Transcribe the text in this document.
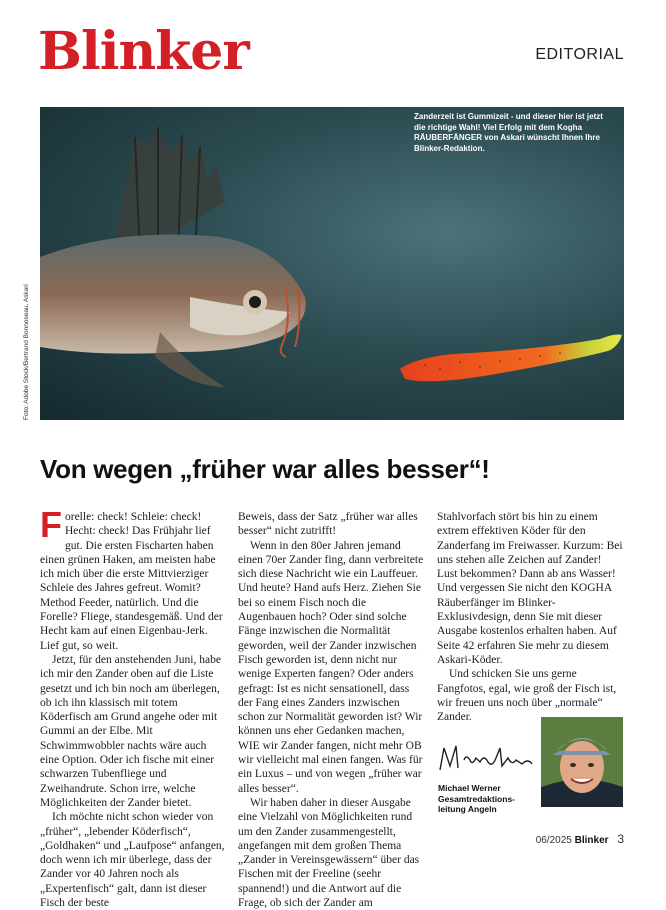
Blinker	EDITORIAL
Zanderzeit ist Gummizeit - und dieser hier ist jetzt die richtige Wahl! Viel Erfolg mit dem Kogha RÄUBERFÄNGER von Askari wünscht Ihnen Ihre Blinker-Redaktion.
Foto: Adobe Stock/Bertrand Bonnoseau, Askari
Von wegen „früher war alles besser“!

Forelle: check! Schleie: check! Hecht: check! Das Frühjahr lief gut. Die ersten Fischarten haben einen grünen Haken, am meisten habe ich mich über die erste Mittvierziger Schleie des Jahres gefreut. Womit? Method Feeder, natürlich. Und die Forelle? Fliege, standesgemäß. Und der Hecht kam auf einen Eigenbau-Jerk. Lief gut, so weit.

Jetzt, für den anstehenden Juni, habe ich mir den Zander oben auf die Liste gesetzt und ich bin noch am überlegen, ob ich ihn klassisch mit totem Köderfisch am Grund angehe oder mit Gummi an der Elbe. Mit Schwimmwobbler nachts wäre auch eine Option. Oder ich fische mit einer schwarzen Tubenfliege und Zweihandrute. Schon irre, welche Möglichkeiten der Zander bietet.

Ich möchte nicht schon wieder von „früher“, „lebender Köderfisch“, „Goldhaken“ und „Laufpose“ anfangen, doch wenn ich mir überlege, dass der Zander vor 40 Jahren noch als „Expertenfisch“ galt, dann ist dieser Fisch der beste

Beweis, dass der Satz „früher war alles besser“ nicht zutrifft!

Wenn in den 80er Jahren jemand einen 70er Zander fing, dann verbreitete sich diese Nachricht wie ein Lauffeuer. Und heute? Hand aufs Herz. Ziehen Sie bei so einem Fisch noch die Augenbauen hoch? Oder sind solche Fänge inzwischen die Normalität geworden, weil der Zander inzwischen Fisch geworden ist, denn nicht nur wenige Experten fangen? Oder anders gefragt: Ist es nicht sensationell, dass der Fang eines Zanders inzwischen schon zur Normalität geworden ist? Wir können uns eher Gedanken machen, WIE wir Zander fangen, nicht mehr OB wir vielleicht mal einen fangen. Was für ein Luxus – und von wegen „früher war alles besser“.

Wir haben daher in dieser Ausgabe eine Vielzahl von Möglichkeiten rund um den Zander zusammengestellt, angefangen mit dem großen Thema „Zander in Vereinsgewässern“ über das Fischen mit der Freeline (seehr spannend!) und die Antwort auf die Frage, ob sich der Zander am

Stahlvorfach stört bis hin zu einem extrem effektiven Köder für den Zanderfang im Freiwasser. Kurzum: Bei uns stehen alle Zeichen auf Zander! Lust bekommen? Dann ab ans Wasser! Und vergessen Sie nicht den KOGHA Räuberfänger im Blinker-Exklusivdesign, denn Sie mit dieser Ausgabe kostenlos erhalten haben. Auf Seite 42 erfahren Sie mehr zu diesem Askari-Köder.

Und schicken Sie uns gerne Fangfotos, egal, wie groß der Fisch ist, wir freuen uns noch über „normale“ Zander.

Michael Werner
Gesamtredaktions-
leitung Angeln
06/2025 Blinker 3
